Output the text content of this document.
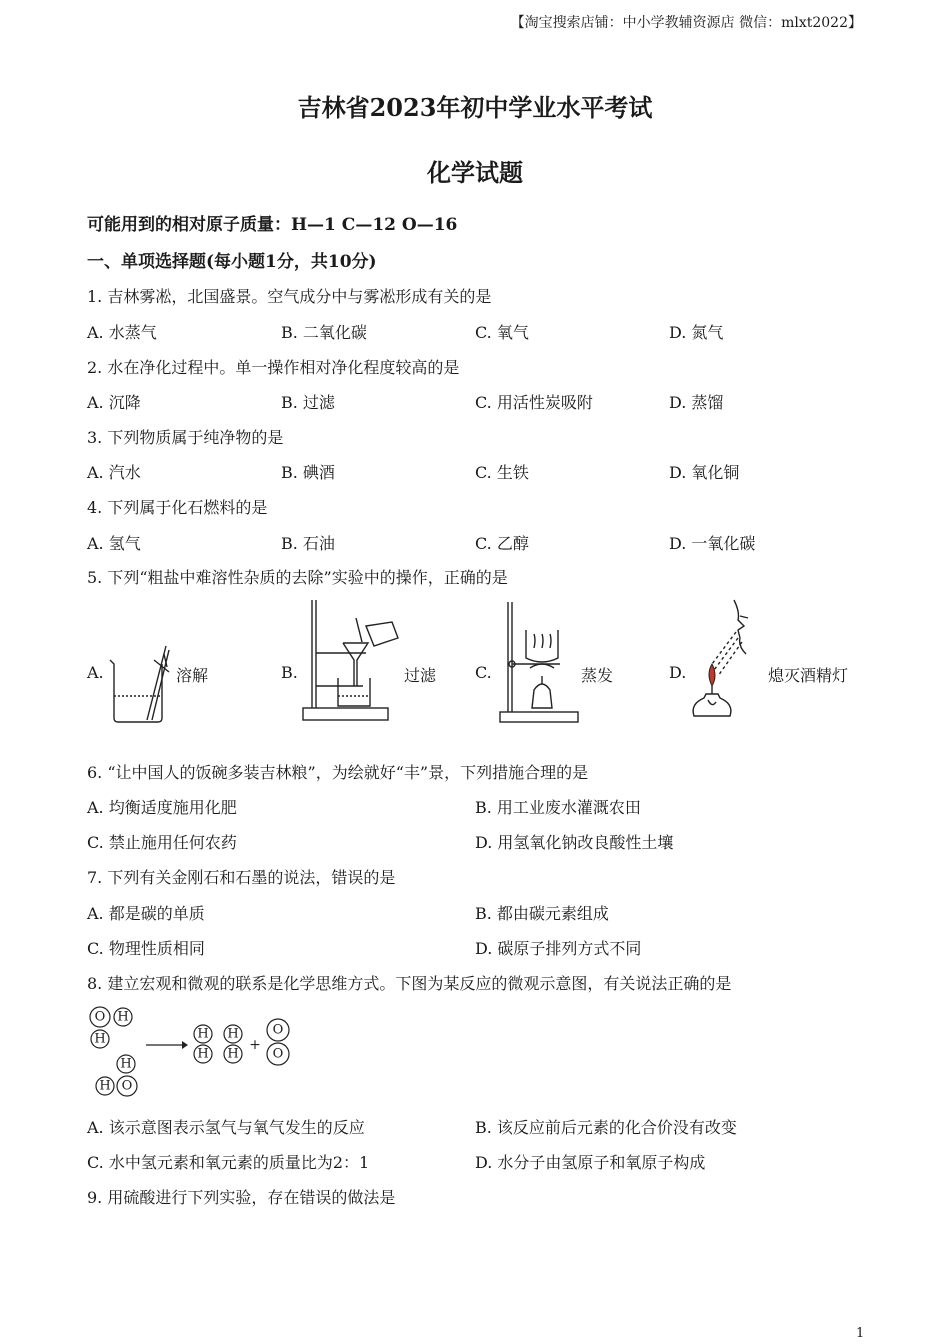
【淘宝搜索店铺：中小学教辅资源店 微信：mlxt2022】
吉林省2023年初中学业水平考试
化学试题
可能用到的相对原子质量：H—1 C—12 O—16
一、单项选择题(每小题1分，共10分)
1. 吉林雾凇，北国盛景。空气成分中与雾凇形成有关的是
A. 水蒸气	B. 二氧化碳	C. 氧气	D. 氮气
2. 水在净化过程中。单一操作相对净化程度较高的是
A. 沉降	B. 过滤	C. 用活性炭吸附	D. 蒸馏
3. 下列物质属于纯净物的是
A. 汽水	B. 碘酒	C. 生铁	D. 氧化铜
4. 下列属于化石燃料的是
A. 氢气	B. 石油	C. 乙醇	D. 一氧化碳
5. 下列“粗盐中难溶性杂质的去除”实验中的操作，正确的是
A.	溶解	B.	过滤 C.	蒸发	D.	熄灭酒精灯
6. “让中国人的饭碗多装吉林粮”，为绘就好“丰”景，下列措施合理的是
A. 均衡适度施用化肥	B. 用工业废水灌溉农田
C. 禁止施用任何农药	D. 用氢氧化钠改良酸性土壤
7. 下列有关金刚石和石墨的说法，错误的是
A. 都是碳的单质	B. 都由碳元素组成
C. 物理性质相同	D. 碳原子排列方式不同
8. 建立宏观和微观的联系是化学思维方式。下图为某反应的微观示意图，有关说法正确的是
O H
H
H
H O
H
H
H
H
+
O
O
A. 该示意图表示氢气与氧气发生的反应	B. 该反应前后元素的化合价没有改变
C. 水中氢元素和氧元素的质量比为2：1	D. 水分子由氢原子和氧原子构成
9. 用硫酸进行下列实验，存在错误的做法是
1
